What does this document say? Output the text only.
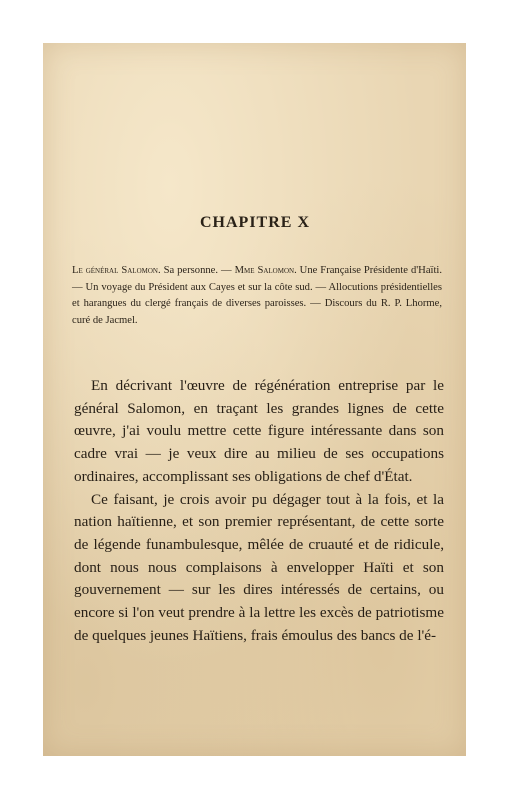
CHAPITRE X

Le général Salomon. Sa personne. — Mme Salomon. Une Française Présidente d'Haïti. — Un voyage du Président aux Cayes et sur la côte sud. — Allocutions présidentielles et harangues du clergé français de diverses paroisses. — Discours du R. P. Lhorme, curé de Jacmel.

En décrivant l'œuvre de régénération entreprise par le général Salomon, en traçant les grandes lignes de cette œuvre, j'ai voulu mettre cette figure intéressante dans son cadre vrai — je veux dire au milieu de ses occupations ordinaires, accomplissant ses obligations de chef d'État.

Ce faisant, je crois avoir pu dégager tout à la fois, et la nation haïtienne, et son premier représentant, de cette sorte de légende funambulesque, mêlée de cruauté et de ridicule, dont nous nous complaisons à envelopper Haïti et son gouvernement — sur les dires intéressés de certains, ou encore si l'on veut prendre à la lettre les excès de patriotisme de quelques jeunes Haïtiens, frais émoulus des bancs de l'é-
